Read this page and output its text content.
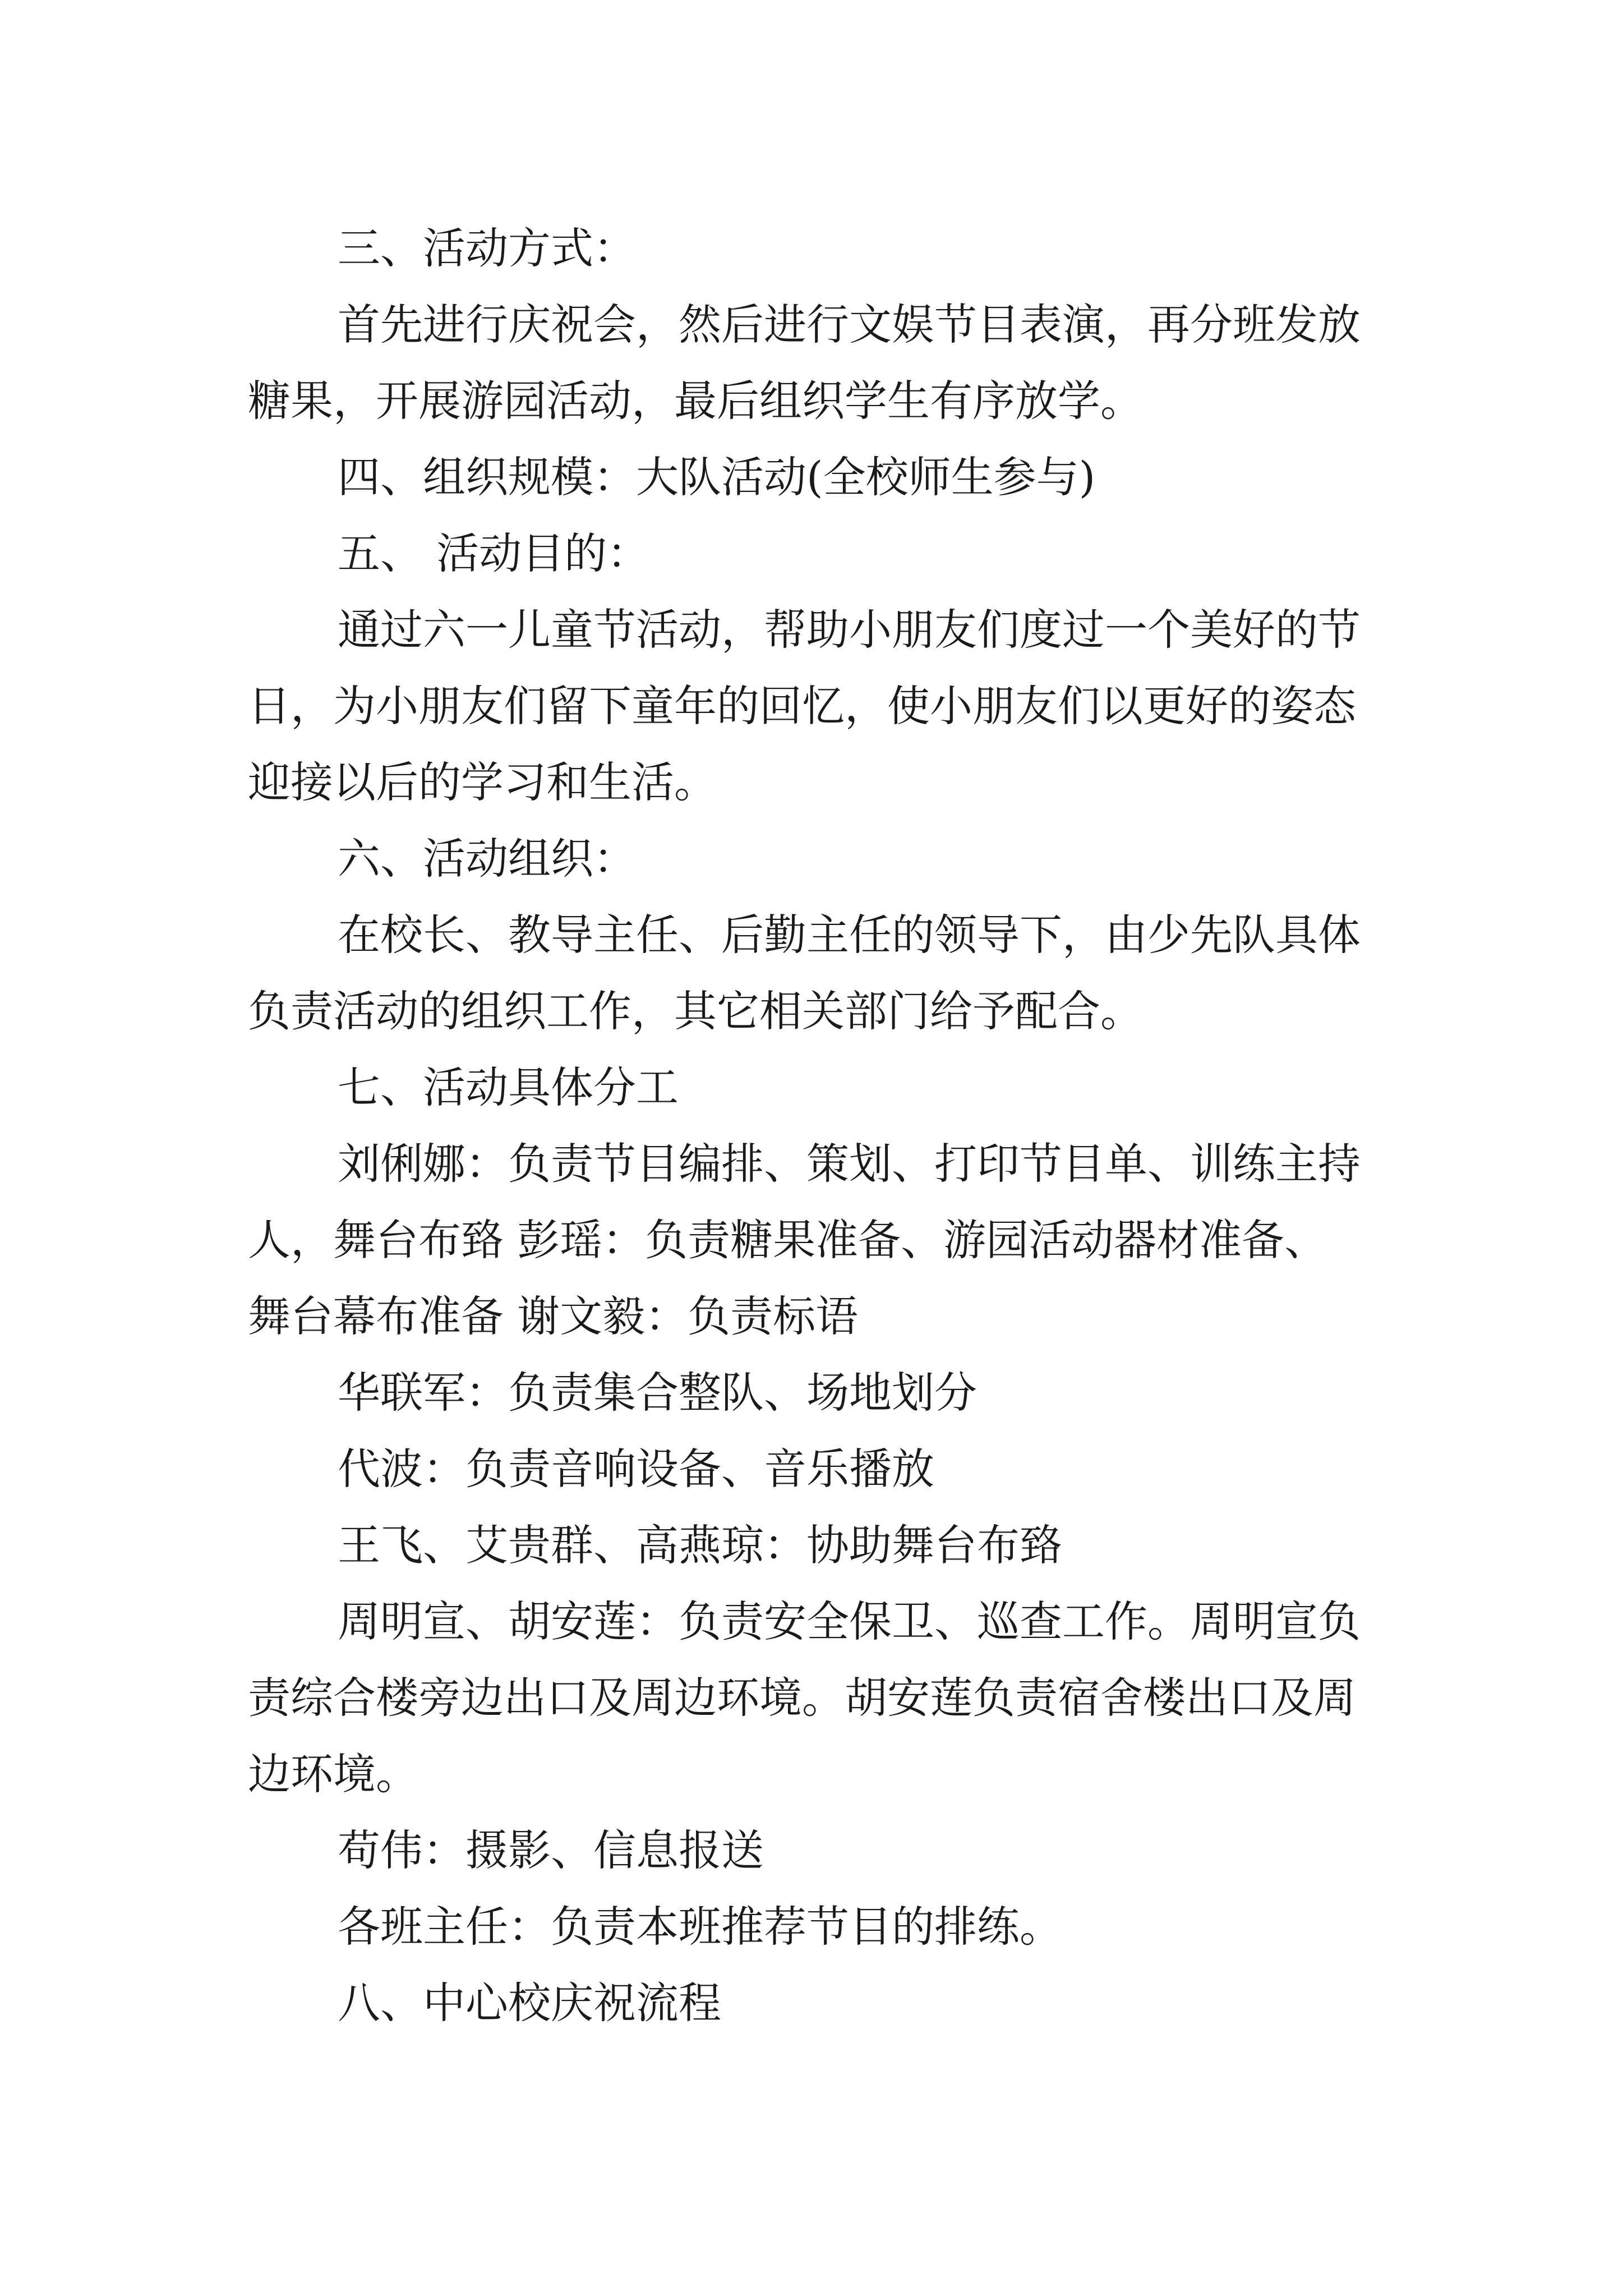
三、活动方式：
首先进行庆祝会，然后进行文娱节目表演，再分班发放
糖果，开展游园活动，最后组织学生有序放学。
四、组织规模：大队活动(全校师生参与)
五、 活动目的：
通过六一儿童节活动，帮助小朋友们度过一个美好的节
日，为小朋友们留下童年的回忆，使小朋友们以更好的姿态
迎接以后的学习和生活。
六、活动组织：
在校长、教导主任、后勤主任的领导下，由少先队具体
负责活动的组织工作，其它相关部门给予配合。
七、活动具体分工
刘俐娜：负责节目编排、策划、打印节目单、训练主持
人，舞台布臵 彭瑶：负责糖果准备、游园活动器材准备、
舞台幕布准备 谢文毅：负责标语
华联军：负责集合整队、场地划分
代波：负责音响设备、音乐播放
王飞、艾贵群、高燕琼：协助舞台布臵
周明宣、胡安莲：负责安全保卫、巡查工作。周明宣负
责综合楼旁边出口及周边环境。胡安莲负责宿舍楼出口及周
边环境。
苟伟：摄影、信息报送
各班主任：负责本班推荐节目的排练。
八、中心校庆祝流程
